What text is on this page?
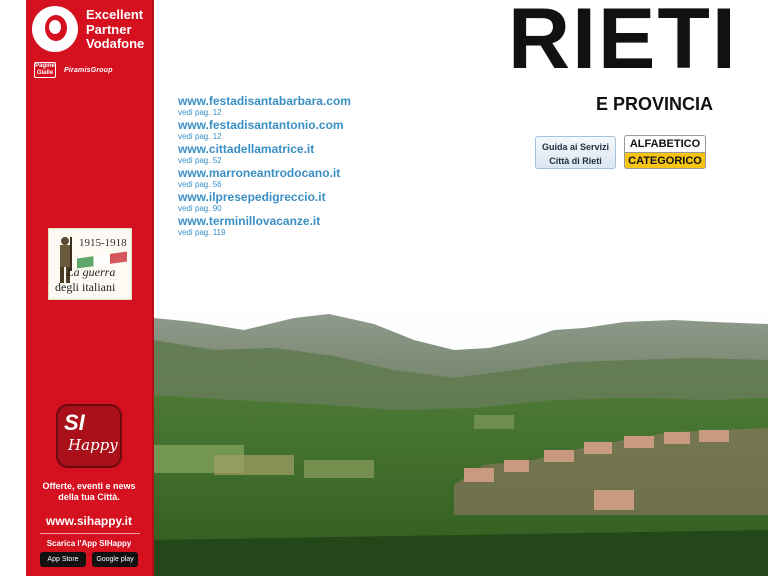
Excellent
Partner
Vodafone
Pagine Gialle	PiramisGroup
1915-1918
La guerra
degli italiani
SI
Happy
Offerte, eventi e news
della tua Città.
www.sihappy.it
Scarica l'App SIHappy
App Store	Google play
www.festadisantabarbara.com
vedi pag. 12
www.festadisantantonio.com
vedi pag. 12
www.cittadellamatrice.it
vedi pag. 52
www.marroneantrodocano.it
vedi pag. 56
www.ilpresepedigreccio.it
vedi pag. 90
www.terminillovacanze.it
vedi pag. 119
RIETI
E PROVINCIA
Guida ai Servizi
Città di Rieti
ALFABETICO
CATEGORICO
